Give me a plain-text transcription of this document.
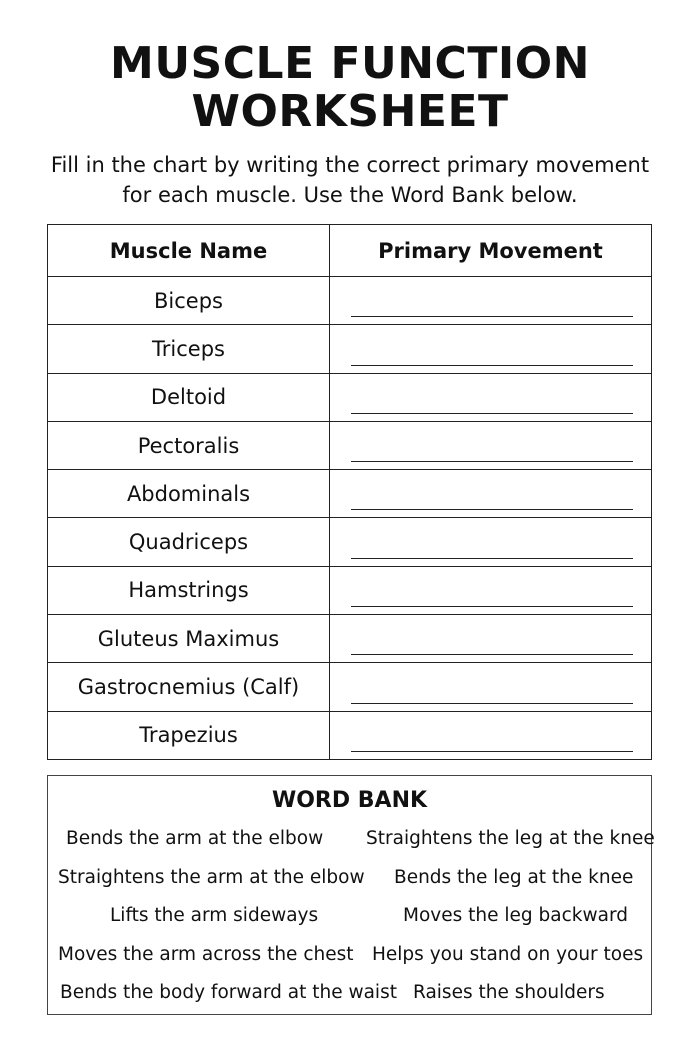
MUSCLE FUNCTION
WORKSHEET
Fill in the chart by writing the correct primary movement
for each muscle. Use the Word Bank below.
Muscle Name	Primary Movement
Biceps
Triceps
Deltoid
Pectoralis
Abdominals
Quadriceps
Hamstrings
Gluteus Maximus
Gastrocnemius (Calf)
Trapezius
WORD BANK
Bends the arm at the elbow
Straightens the arm at the elbow
Lifts the arm sideways
Moves the arm across the chest
Bends the body forward at the waist
Straightens the leg at the knee
Bends the leg at the knee
Moves the leg backward
Helps you stand on your toes
Raises the shoulders
